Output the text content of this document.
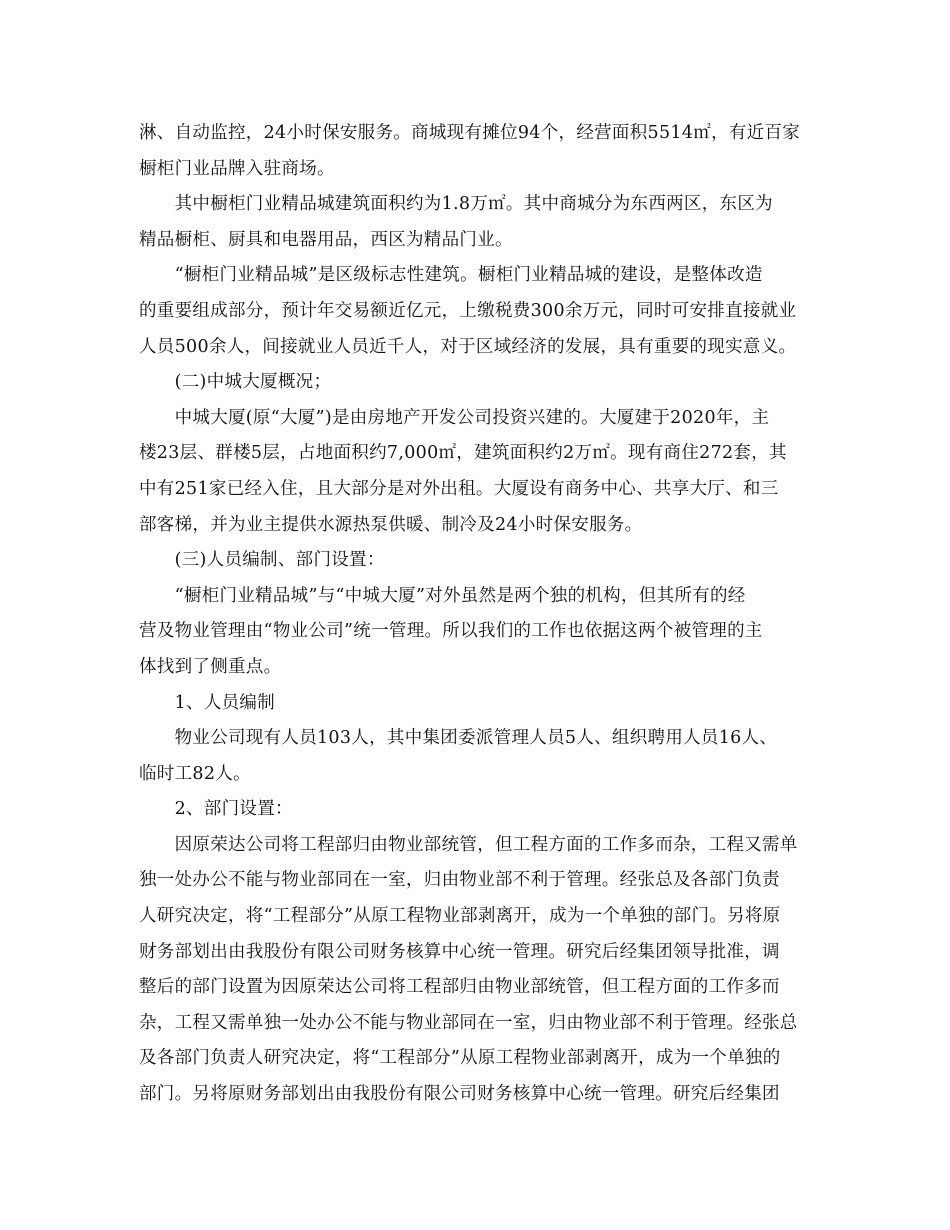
淋、自动监控，24小时保安服务。商城现有摊位94个，经营面积5514㎡，有近百家
橱柜门业品牌入驻商场。
　　其中橱柜门业精品城建筑面积约为1.8万㎡。其中商城分为东西两区，东区为
精品橱柜、厨具和电器用品，西区为精品门业。
　　“橱柜门业精品城”是区级标志性建筑。橱柜门业精品城的建设，是整体改造
的重要组成部分，预计年交易额近亿元，上缴税费300余万元，同时可安排直接就业
人员500余人，间接就业人员近千人，对于区域经济的发展，具有重要的现实意义。
　　(二)中城大厦概况；
　　中城大厦(原“大厦”)是由房地产开发公司投资兴建的。大厦建于2020年，主
楼23层、群楼5层，占地面积约7,000㎡，建筑面积约2万㎡。现有商住272套，其
中有251家已经入住，且大部分是对外出租。大厦设有商务中心、共享大厅、和三
部客梯，并为业主提供水源热泵供暖、制冷及24小时保安服务。
　　(三)人员编制、部门设置：
　　“橱柜门业精品城”与“中城大厦”对外虽然是两个独的机构，但其所有的经
营及物业管理由“物业公司”统一管理。所以我们的工作也依据这两个被管理的主
体找到了侧重点。
　　1、人员编制
　　物业公司现有人员103人，其中集团委派管理人员5人、组织聘用人员16人、
临时工82人。
　　2、部门设置：
　　因原荣达公司将工程部归由物业部统管，但工程方面的工作多而杂，工程又需单
独一处办公不能与物业部同在一室，归由物业部不利于管理。经张总及各部门负责
人研究决定，将“工程部分”从原工程物业部剥离开，成为一个单独的部门。另将原
财务部划出由我股份有限公司财务核算中心统一管理。研究后经集团领导批准，调
整后的部门设置为因原荣达公司将工程部归由物业部统管，但工程方面的工作多而
杂，工程又需单独一处办公不能与物业部同在一室，归由物业部不利于管理。经张总
及各部门负责人研究决定，将“工程部分”从原工程物业部剥离开，成为一个单独的
部门。另将原财务部划出由我股份有限公司财务核算中心统一管理。研究后经集团
